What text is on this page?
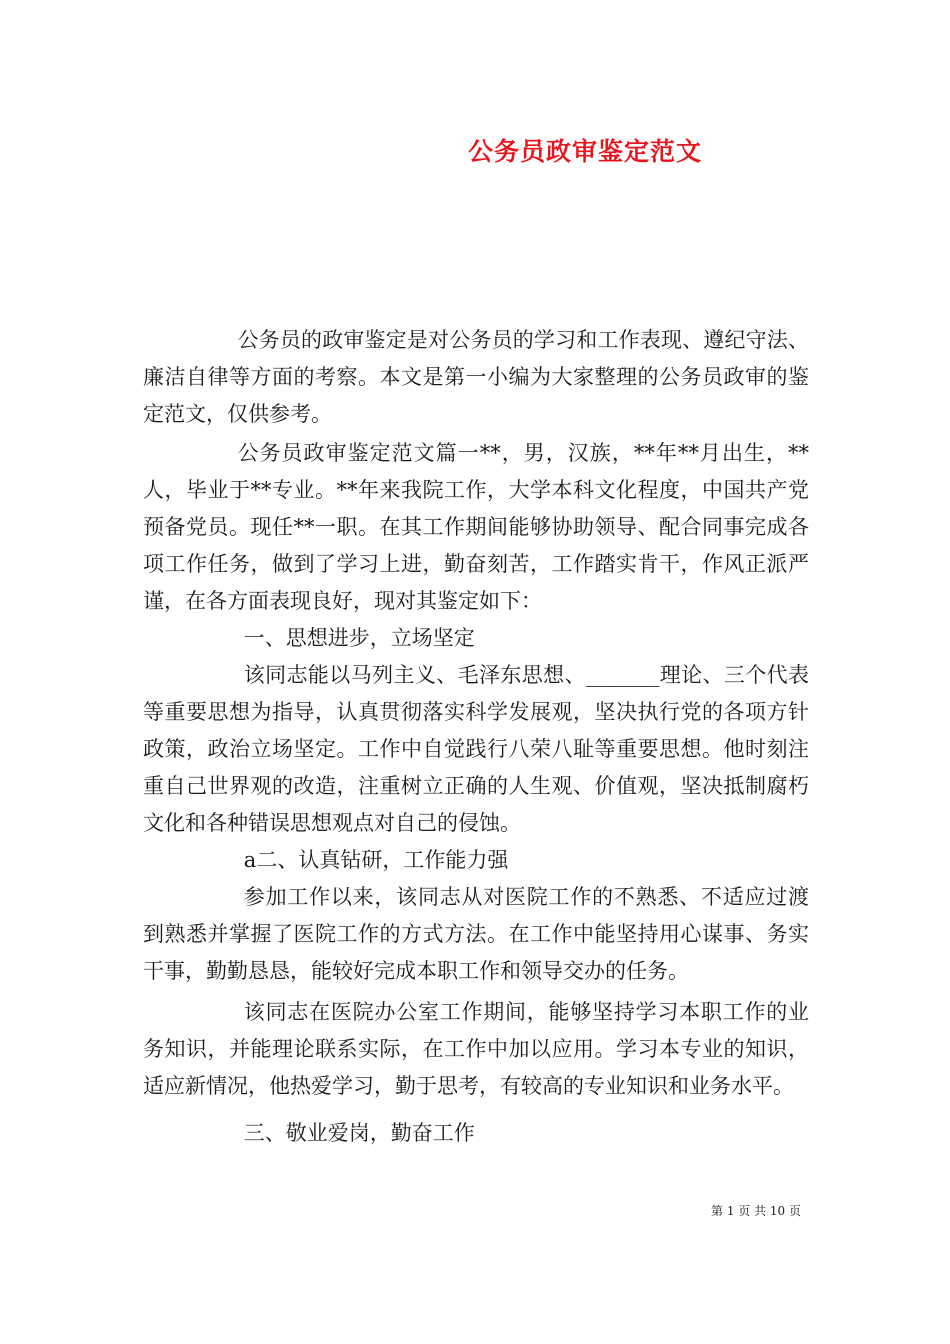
公务员政审鉴定范文

公务员的政审鉴定是对公务员的学习和工作表现、遵纪守法、廉洁自律等方面的考察。本文是第一小编为大家整理的公务员政审的鉴定范文，仅供参考。

公务员政审鉴定范文篇一**，男，汉族，**年**月出生，**人，毕业于**专业。**年来我院工作，大学本科文化程度，中国共产党预备党员。现任**一职。在其工作期间能够协助领导、配合同事完成各项工作任务，做到了学习上进，勤奋刻苦，工作踏实肯干，作风正派严谨，在各方面表现良好，现对其鉴定如下：

一、思想进步，立场坚定

该同志能以马列主义、毛泽东思想、_______理论、三个代表等重要思想为指导，认真贯彻落实科学发展观，坚决执行党的各项方针政策，政治立场坚定。工作中自觉践行八荣八耻等重要思想。他时刻注重自己世界观的改造，注重树立正确的人生观、价值观，坚决抵制腐朽文化和各种错误思想观点对自己的侵蚀。

a二、认真钻研，工作能力强

参加工作以来，该同志从对医院工作的不熟悉、不适应过渡到熟悉并掌握了医院工作的方式方法。在工作中能坚持用心谋事、务实干事，勤勤恳恳，能较好完成本职工作和领导交办的任务。

该同志在医院办公室工作期间，能够坚持学习本职工作的业务知识，并能理论联系实际，在工作中加以应用。学习本专业的知识，适应新情况，他热爱学习，勤于思考，有较高的专业知识和业务水平。

三、敬业爱岗，勤奋工作

第 1 页 共 10 页
